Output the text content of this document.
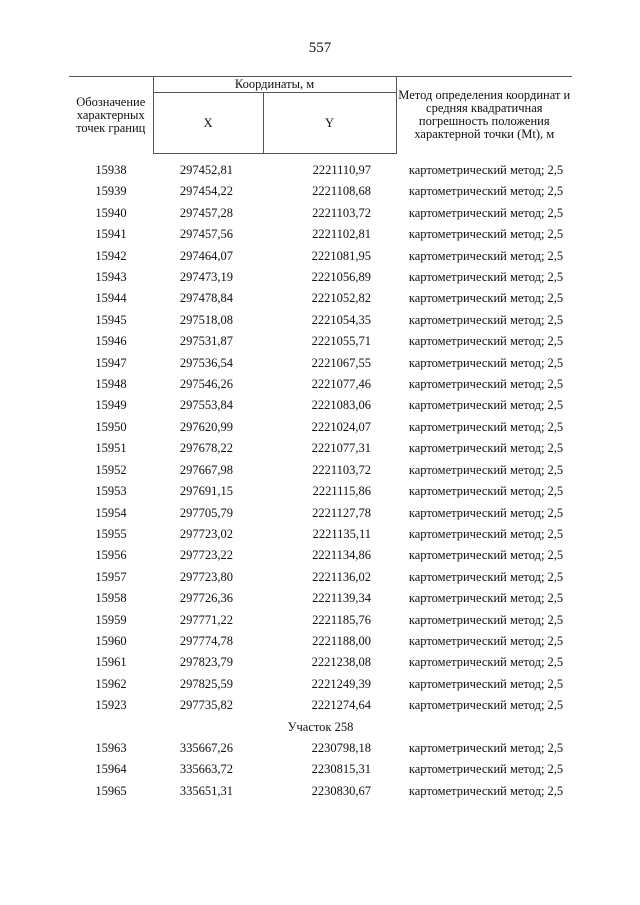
557
Обозначение характерных точек границ	Координаты, м		Метод определения координат и средняя квадратичная погрешность положения характерной точки (Mt), м
	X	Y	
15938	297452,81	2221110,97	картометрический метод; 2,5
15939	297454,22	2221108,68	картометрический метод; 2,5
15940	297457,28	2221103,72	картометрический метод; 2,5
15941	297457,56	2221102,81	картометрический метод; 2,5
15942	297464,07	2221081,95	картометрический метод; 2,5
15943	297473,19	2221056,89	картометрический метод; 2,5
15944	297478,84	2221052,82	картометрический метод; 2,5
15945	297518,08	2221054,35	картометрический метод; 2,5
15946	297531,87	2221055,71	картометрический метод; 2,5
15947	297536,54	2221067,55	картометрический метод; 2,5
15948	297546,26	2221077,46	картометрический метод; 2,5
15949	297553,84	2221083,06	картометрический метод; 2,5
15950	297620,99	2221024,07	картометрический метод; 2,5
15951	297678,22	2221077,31	картометрический метод; 2,5
15952	297667,98	2221103,72	картометрический метод; 2,5
15953	297691,15	2221115,86	картометрический метод; 2,5
15954	297705,79	2221127,78	картометрический метод; 2,5
15955	297723,02	2221135,11	картометрический метод; 2,5
15956	297723,22	2221134,86	картометрический метод; 2,5
15957	297723,80	2221136,02	картометрический метод; 2,5
15958	297726,36	2221139,34	картометрический метод; 2,5
15959	297771,22	2221185,76	картометрический метод; 2,5
15960	297774,78	2221188,00	картометрический метод; 2,5
15961	297823,79	2221238,08	картометрический метод; 2,5
15962	297825,59	2221249,39	картометрический метод; 2,5
15923	297735,82	2221274,64	картометрический метод; 2,5
Участок 258			
15963	335667,26	2230798,18	картометрический метод; 2,5
15964	335663,72	2230815,31	картометрический метод; 2,5
15965	335651,31	2230830,67	картометрический метод; 2,5
